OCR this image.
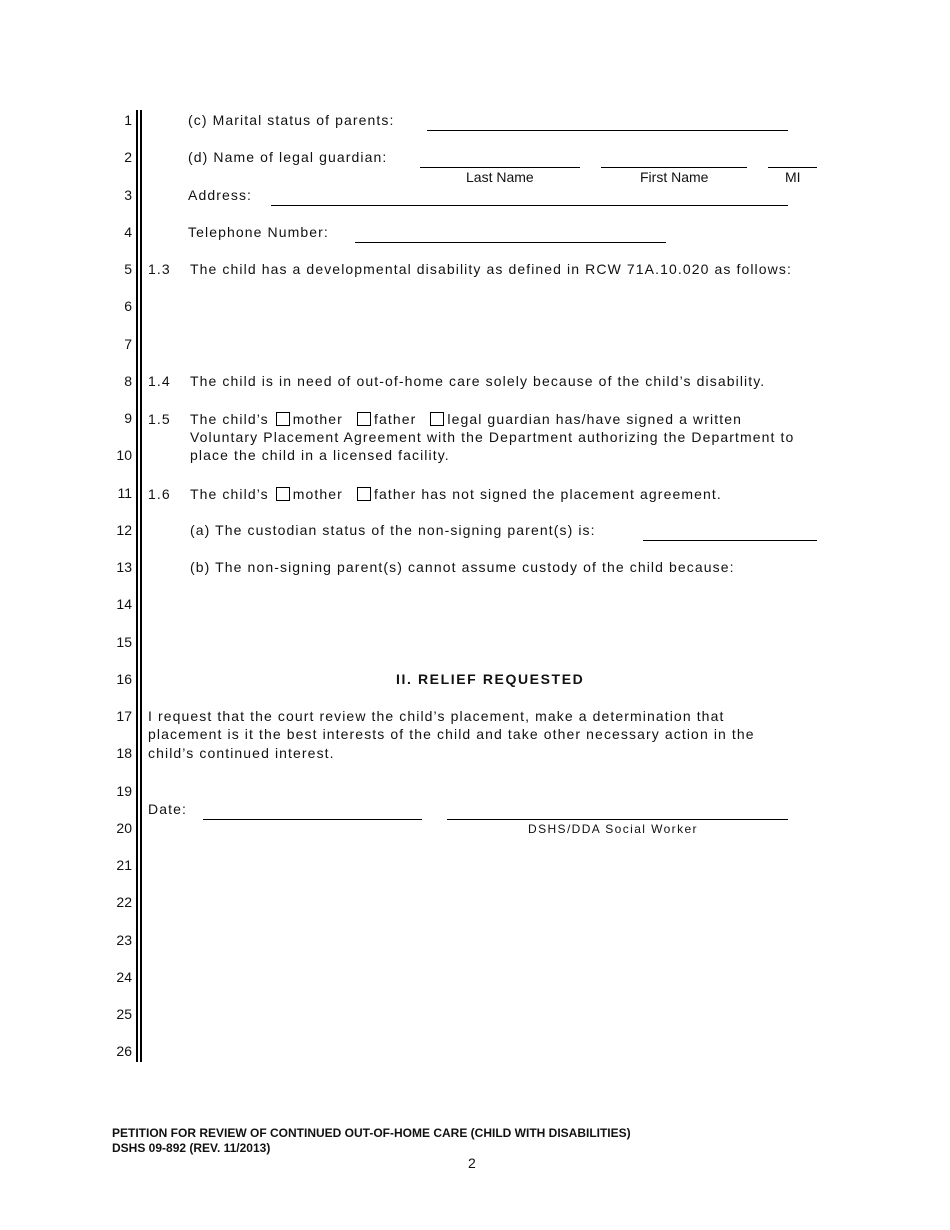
1
2
3
4
5
6
7
8
9
10
11
12
13
14
15
16
17
18
19
20
21
22
23
24
25
26
(c) Marital status of parents:
(d) Name of legal guardian:
Last Name	First Name	MI
Address:
Telephone Number:
1.3 The child has a developmental disability as defined in RCW 71A.10.020 as follows:
1.4 The child is in need of out-of-home care solely because of the child’s disability.
1.5 The child’s mother father legal guardian has/have signed a written
Voluntary Placement Agreement with the Department authorizing the Department to
place the child in a licensed facility.
1.6 The child’s mother father has not signed the placement agreement.
(a) The custodian status of the non-signing parent(s) is:
(b) The non-signing parent(s) cannot assume custody of the child because:
II. RELIEF REQUESTED
I request that the court review the child’s placement, make a determination that
placement is it the best interests of the child and take other necessary action in the
child’s continued interest.
Date:
DSHS/DDA Social Worker
PETITION FOR REVIEW OF CONTINUED OUT-OF-HOME CARE (CHILD WITH DISABILITIES)
DSHS 09-892 (REV. 11/2013)
2
